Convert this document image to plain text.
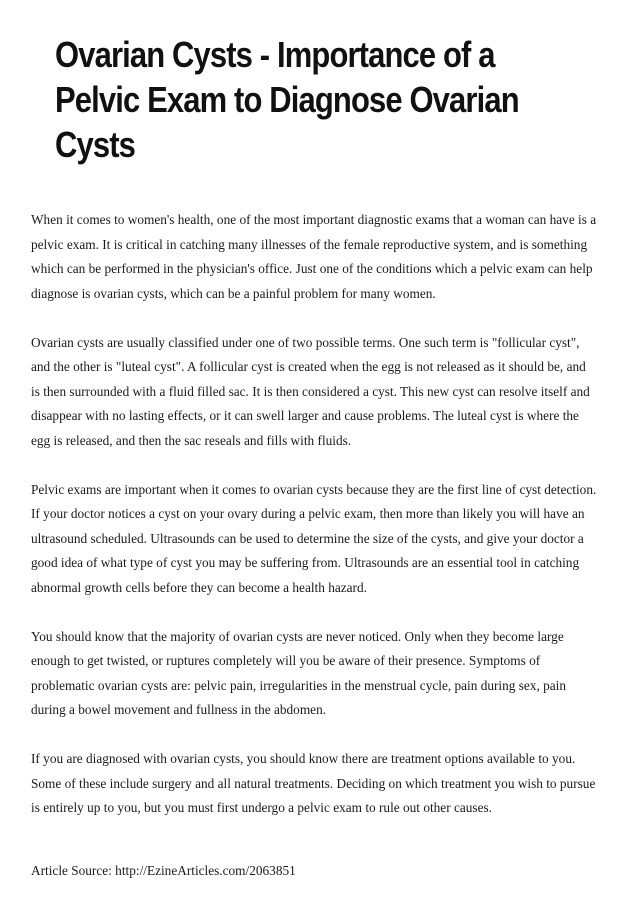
Ovarian Cysts - Importance of a Pelvic Exam to Diagnose Ovarian Cysts

When it comes to women's health, one of the most important diagnostic exams that a woman can have is a pelvic exam. It is critical in catching many illnesses of the female reproductive system, and is something which can be performed in the physician's office. Just one of the conditions which a pelvic exam can help diagnose is ovarian cysts, which can be a painful problem for many women.

Ovarian cysts are usually classified under one of two possible terms. One such term is "follicular cyst", and the other is "luteal cyst". A follicular cyst is created when the egg is not released as it should be, and is then surrounded with a fluid filled sac. It is then considered a cyst. This new cyst can resolve itself and disappear with no lasting effects, or it can swell larger and cause problems. The luteal cyst is where the egg is released, and then the sac reseals and fills with fluids.

Pelvic exams are important when it comes to ovarian cysts because they are the first line of cyst detection. If your doctor notices a cyst on your ovary during a pelvic exam, then more than likely you will have an ultrasound scheduled. Ultrasounds can be used to determine the size of the cysts, and give your doctor a good idea of what type of cyst you may be suffering from. Ultrasounds are an essential tool in catching abnormal growth cells before they can become a health hazard.

You should know that the majority of ovarian cysts are never noticed. Only when they become large enough to get twisted, or ruptures completely will you be aware of their presence. Symptoms of problematic ovarian cysts are: pelvic pain, irregularities in the menstrual cycle, pain during sex, pain during a bowel movement and fullness in the abdomen.

If you are diagnosed with ovarian cysts, you should know there are treatment options available to you. Some of these include surgery and all natural treatments. Deciding on which treatment you wish to pursue is entirely up to you, but you must first undergo a pelvic exam to rule out other causes.

Article Source: http://EzineArticles.com/2063851
